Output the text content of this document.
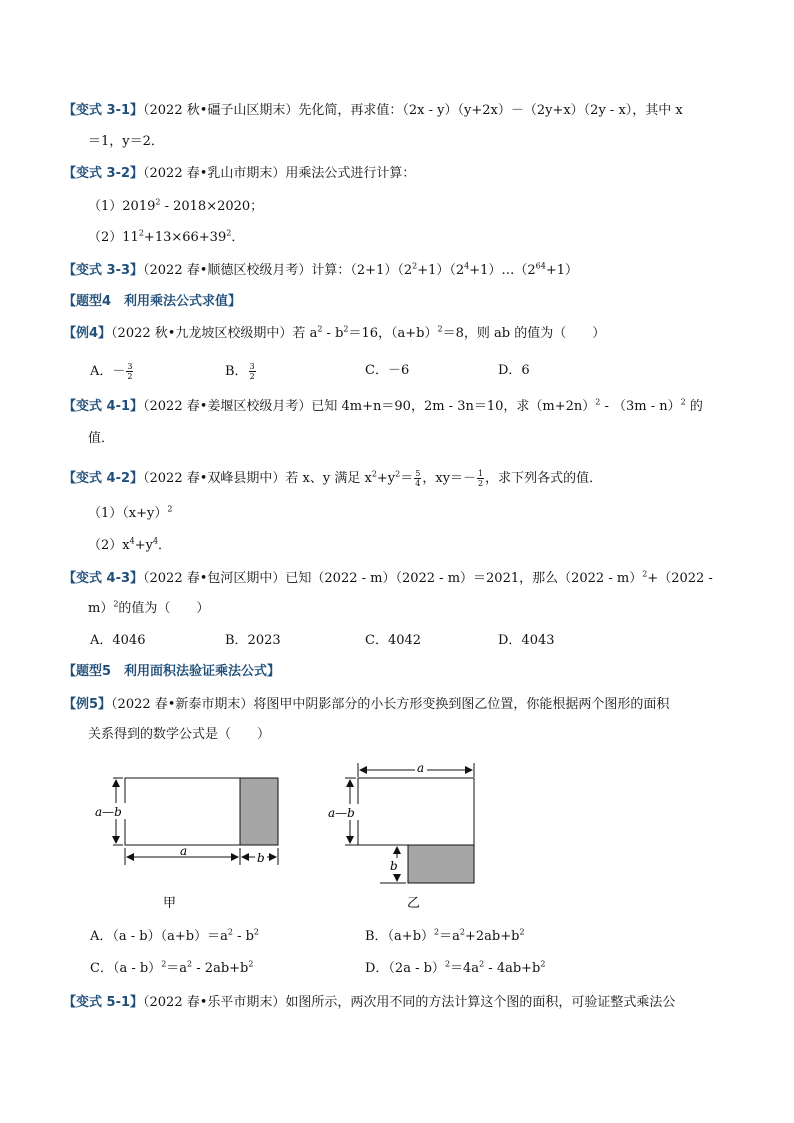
【变式 3-1】（2022 秋•礓子山区期末）先化简，再求值：（2x - y）（y+2x）－（2y+x）（2y - x），其中 x
＝1，y＝2．
【变式 3-2】（2022 春•乳山市期末）用乘法公式进行计算：
（1）2019$^2$ - 2018×2020；
$(2)11^2+13\times 66+39^2$．
【变式 3-3】（2022 春•顺德区校级月考）计算：$(2+1)(2^2+1)(2^4+1)\dots(2^{64}+1)$
【题型4　利用乘法公式求值】
【例4】（2022 秋•九龙坡区校级期中）若 $a^2 - b^2=16$，$(a+b)^2=8$，则 ab 的值为（　　）
A．－ $\frac{3}{2}$	B． $\frac{3}{2}$	C．－6	D．6
【变式 4-1】（2022 春•姜堰区校级月考）已知 4m+n＝90，2m - 3n＝10，求$(m+2n)^2 - (3m - n)^2$ 的
值．
【变式 4-2】（2022 春•双峰县期中）若 x、y 满足 $x^2+y^2= \frac{5}{4}$ ，$xy=- \frac{1}{2}$ ，求下列各式的值．
$(1)(x+y)^2$
$(2)x^4+y^4$．
【变式 4-3】（2022 春•包河区期中）已知（2022 - m）（2022 - m）＝2021，那么（2022 - m）$^2$+（2022 -
m）$^2$的值为（　　）
A．4046	B．2023	C．4042	D．4043
【题型5　利用面积法验证乘法公式】
【例5】（2022 春•新泰市期末）将图甲中阴影部分的小长方形变换到图乙位置，你能根据两个图形的面积
关系得到的数学公式是（　　）
a—b
a	b
甲
a
a—b
b
乙
A．$(a - b)(a+b)=a^2 - b^2$	B．$(a+b)^2=a^2+2ab+b^2$
C．$(a - b)^2=a^2 - 2ab+b^2$	D．$(2a - b)^2=4a^2 - 4ab+b^2$
【变式 5-1】（2022 春•乐平市期末）如图所示，两次用不同的方法计算这个图的面积，可验证整式乘法公
